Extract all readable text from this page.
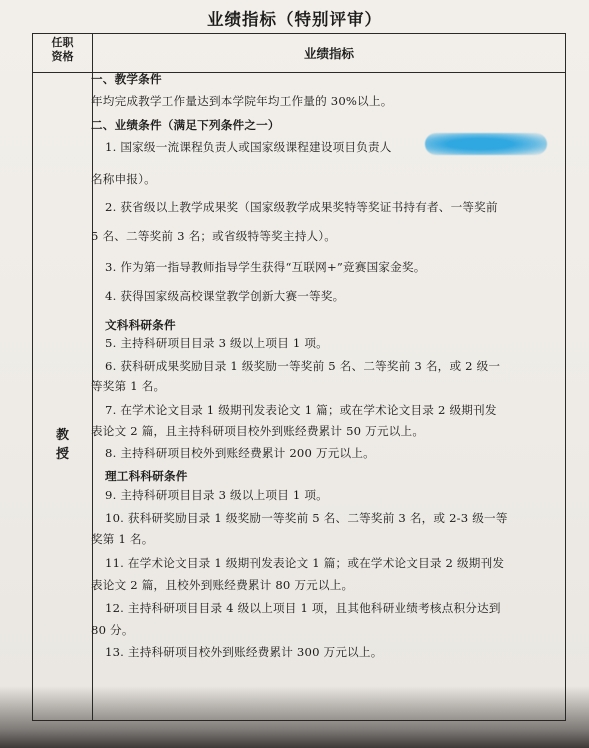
业绩指标（特别评审）
任职
资格	业绩指标
教
授
一、教学条件
年均完成教学工作量达到本学院年均工作量的 30%以上。
二、业绩条件（满足下列条件之一）
1. 国家级一流课程负责人或国家级课程建设项目负责人
名称申报）。
2. 获省级以上教学成果奖（国家级教学成果奖特等奖证书持有者、一等奖前
5 名、二等奖前 3 名；或省级特等奖主持人）。
3. 作为第一指导教师指导学生获得“互联网+”竞赛国家金奖。
4. 获得国家级高校课堂教学创新大赛一等奖。
文科科研条件
5. 主持科研项目目录 3 级以上项目 1 项。
6. 获科研成果奖励目录 1 级奖励一等奖前 5 名、二等奖前 3 名，或 2 级一
等奖第 1 名。
7. 在学术论文目录 1 级期刊发表论文 1 篇；或在学术论文目录 2 级期刊发
表论文 2 篇，且主持科研项目校外到账经费累计 50 万元以上。
8. 主持科研项目校外到账经费累计 200 万元以上。
理工科科研条件
9. 主持科研项目目录 3 级以上项目 1 项。
10. 获科研奖励目录 1 级奖励一等奖前 5 名、二等奖前 3 名，或 2-3 级一等
奖第 1 名。
11. 在学术论文目录 1 级期刊发表论文 1 篇；或在学术论文目录 2 级期刊发
表论文 2 篇，且校外到账经费累计 80 万元以上。
12. 主持科研项目目录 4 级以上项目 1 项，且其他科研业绩考核点积分达到
80 分。
13. 主持科研项目校外到账经费累计 300 万元以上。
